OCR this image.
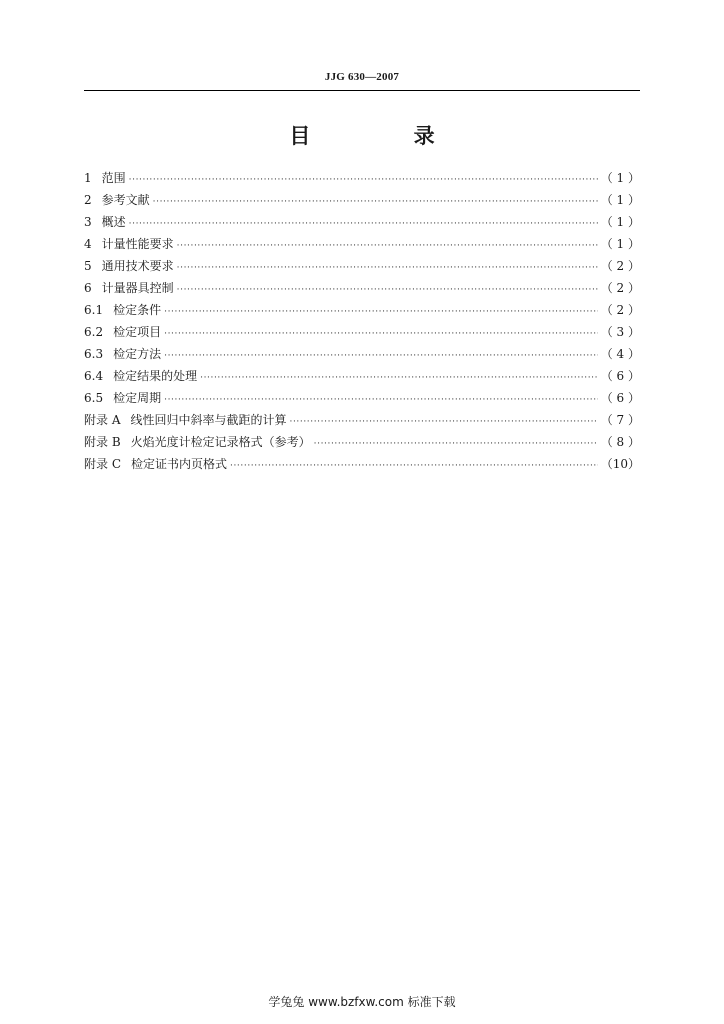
JJG 630—2007
目 录
1 范围 ·····	（ 1 ）
2 参考文献 ·····	（ 1 ）
3 概述 ·····	（ 1 ）
4 计量性能要求 ·····	（ 1 ）
5 通用技术要求 ·····	（ 2 ）
6 计量器具控制 ·····	（ 2 ）
6.1 检定条件 ·····	（ 2 ）
6.2 检定项目 ·····	（ 3 ）
6.3 检定方法 ·····	（ 4 ）
6.4 检定结果的处理 ·····	（ 6 ）
6.5 检定周期 ·····	（ 6 ）
附录 A 线性回归中斜率与截距的计算 ·····	（ 7 ）
附录 B 火焰光度计检定记录格式（参考） ·····	（ 8 ）
附录 C 检定证书内页格式 ·····	（10）
学兔兔 www.bzfxw.com 标准下载
